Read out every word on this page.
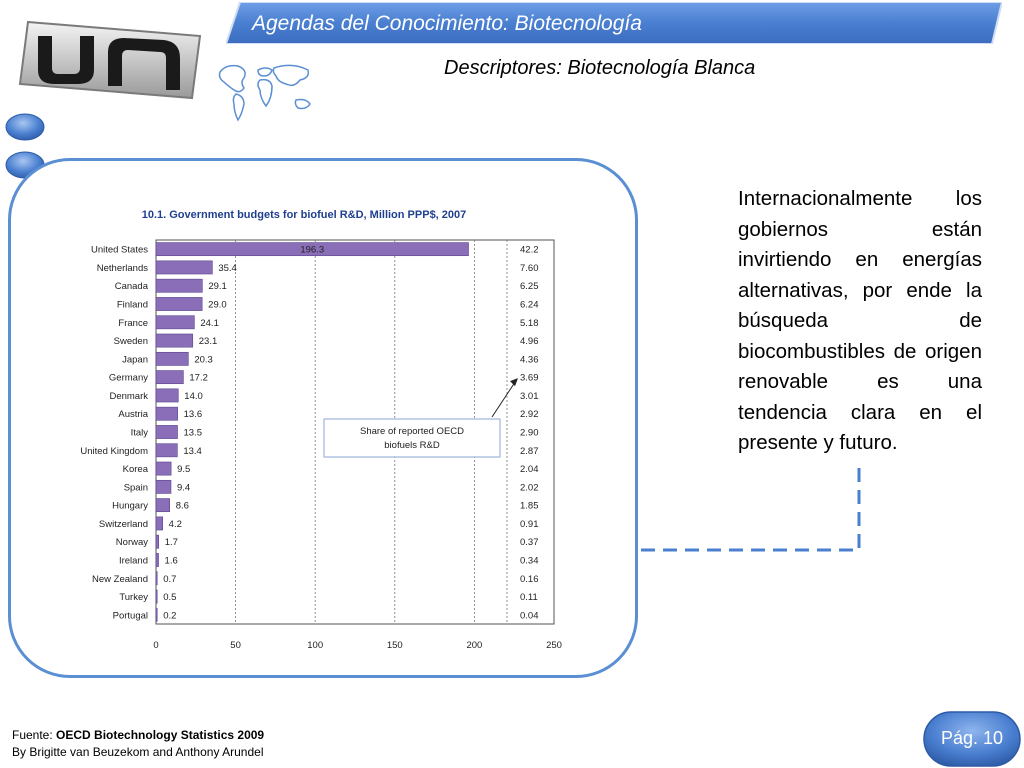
Agendas del Conocimiento: Biotecnología
Descriptores: Biotecnología Blanca
10.1. Government budgets for biofuel R&D, Million PPP$, 2007
United States	196.3	42.2
Netherlands	35.4	7.60
Canada	29.1	6.25
Finland	29.0	6.24
France	24.1	5.18
Sweden	23.1	4.96
Japan	20.3	4.36
Germany	17.2	3.69
Denmark	14.0	3.01
Austria	13.6	2.92
Italy	13.5	2.90
United Kingdom	13.4	2.87
Korea	9.5	2.04
Spain	9.4	2.02
Hungary	8.6	1.85
Switzerland 4.2	0.91
Norway 1.7	0.37
Ireland 1.6	0.34
New Zealand 0.7	0.16
Turkey 0.5	0.11
Portugal 0.2	0.04
0	50	100	150	200	250
Share of reported OECD
biofuels R&D
Internacionalmente los gobiernos están invirtiendo en energías alternativas, por ende la búsqueda de biocombustibles de origen renovable es una tendencia clara en el presente y futuro.
Fuente: OECD Biotechnology Statistics 2009
By Brigitte van Beuzekom and Anthony Arundel
Pág. 10
